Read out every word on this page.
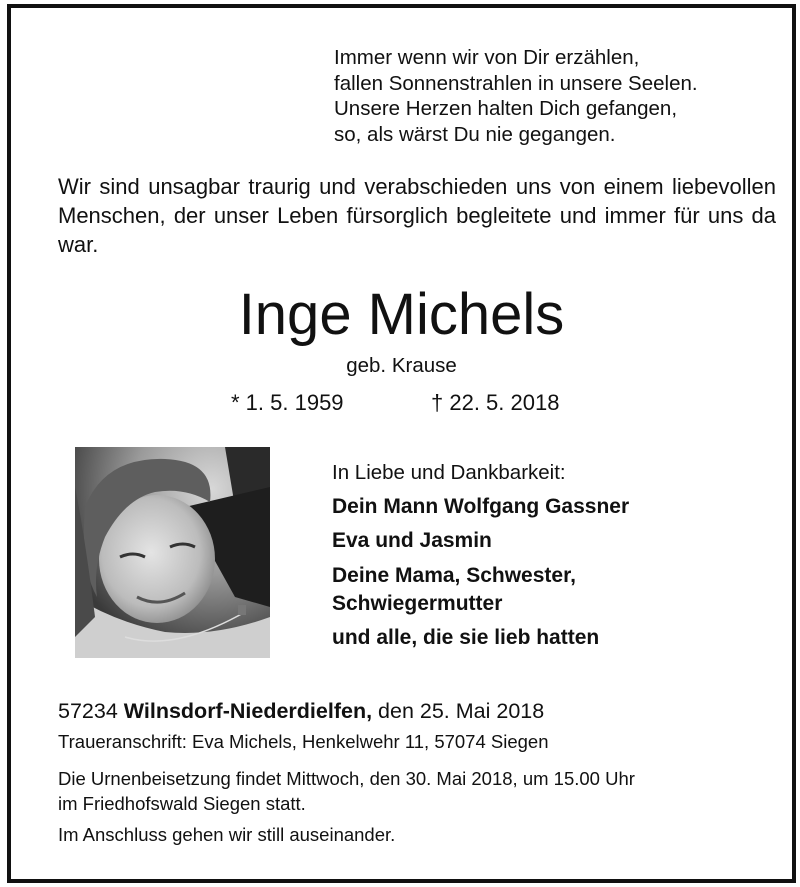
Immer wenn wir von Dir erzählen,
fallen Sonnenstrahlen in unsere Seelen.
Unsere Herzen halten Dich gefangen,
so, als wärst Du nie gegangen.
Wir sind unsagbar traurig und verabschieden uns von einem liebevollen Menschen, der unser Leben fürsorglich begleitete und immer für uns da war.
Inge Michels
geb. Krause
* 1. 5. 1959	† 22. 5. 2018
In Liebe und Dankbarkeit:
Dein Mann Wolfgang Gassner
Eva und Jasmin
Deine Mama, Schwester,
Schwiegermutter
und alle, die sie lieb hatten
57234 Wilnsdorf-Niederdielfen, den 25. Mai 2018
Traueranschrift: Eva Michels, Henkelwehr 11, 57074 Siegen
Die Urnenbeisetzung findet Mittwoch, den 30. Mai 2018, um 15.00 Uhr
im Friedhofswald Siegen statt.
Im Anschluss gehen wir still auseinander.
